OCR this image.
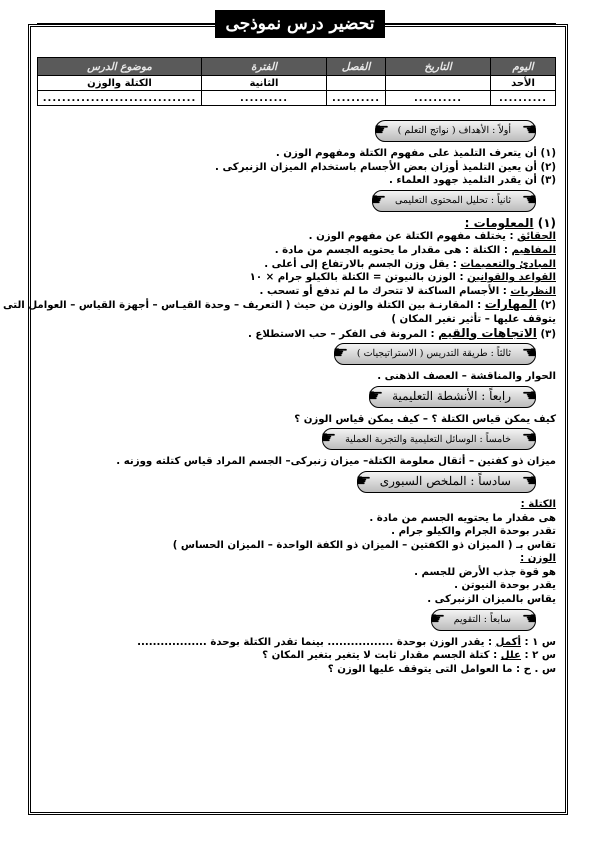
تحضير درس نموذجى
اليوم	التاريخ	الفصل	الفترة	موضوع الدرس
الأحد			الثانية	الكتلة والوزن
..........	..........	..........	..........	................................
☚
أولاً : الأهداف ( نواتج التعلم )
☚
(١) أن يتعرف التلميذ على مفهوم الكتلة ومفهوم الوزن .
(٢) أن يعين التلميذ أوزان بعض الأجسام باستخدام الميزان الزنبركى .
(٣) أن يقدر التلميذ جهود العلماء .
☚
ثانياً : تحليل المحتوى التعليمى
☚
(١) المعلومات :
الحقائق : يختلف مفهوم الكتلة عن مفهوم الوزن .
المفاهيم : الكتلة : هى مقدار ما يحتويه الجسم من مادة .
المبادئ والتعميمات : يقل وزن الجسم بالارتفاع إلى أعلى .
القواعد والقوانين : الوزن بالنيوتن = الكتلة بالكيلو جرام × ١٠
النظريات : الأجسام الساكنة لا تتحرك ما لم تدفع أو تسحب .
(٢) المهارات : المقارنـة بين الكتلة والوزن من حيث ( التعريف – وحدة القيـاس – أجهزة القياس – العوامل التى
يتوقف عليها – تأثير تغير المكان )
(٣) الاتجاهات والقيم : المرونة فى الفكر – حب الاستطلاع .
☚
ثالثاً : طريقة التدريس ( الاستراتيجيات )
☚
الحوار والمناقشة – العصف الذهنى .
☚
رابعاً : الأنشطة التعليمية
☚
كيف يمكن قياس الكتلة ؟ – كيف يمكن قياس الوزن ؟
☚
خامساً : الوسائل التعليمية والتجربة العملية
☚
ميزان ذو كفتين – أثقال معلومة الكتلة– ميزان زنبركى– الجسم المراد قياس كتلته ووزنه .
☚
سادساً : الملخص السبورى
☚
الكتلة :
هى مقدار ما يحتويه الجسم من مادة .
تقدر بوحدة الجرام والكيلو جرام .
تقاس بـ ( الميزان ذو الكفتين – الميزان ذو الكفة الواحدة – الميزان الحساس )
الوزن :
هو قوة جذب الأرض للجسم .
يقدر بوحدة النيوتن .
يقاس بالميزان الزنبركى .
☚
سابعاً : التقويم
☚
س ١ : أكمل : يقدر الوزن بوحدة ................. بينما تقدر الكتلة بوحدة ..................
س ٢ : علل : كتلة الجسم مقدار ثابت لا يتغير بتغير المكان ؟
س . ح : ما العوامل التى يتوقف عليها الوزن ؟
